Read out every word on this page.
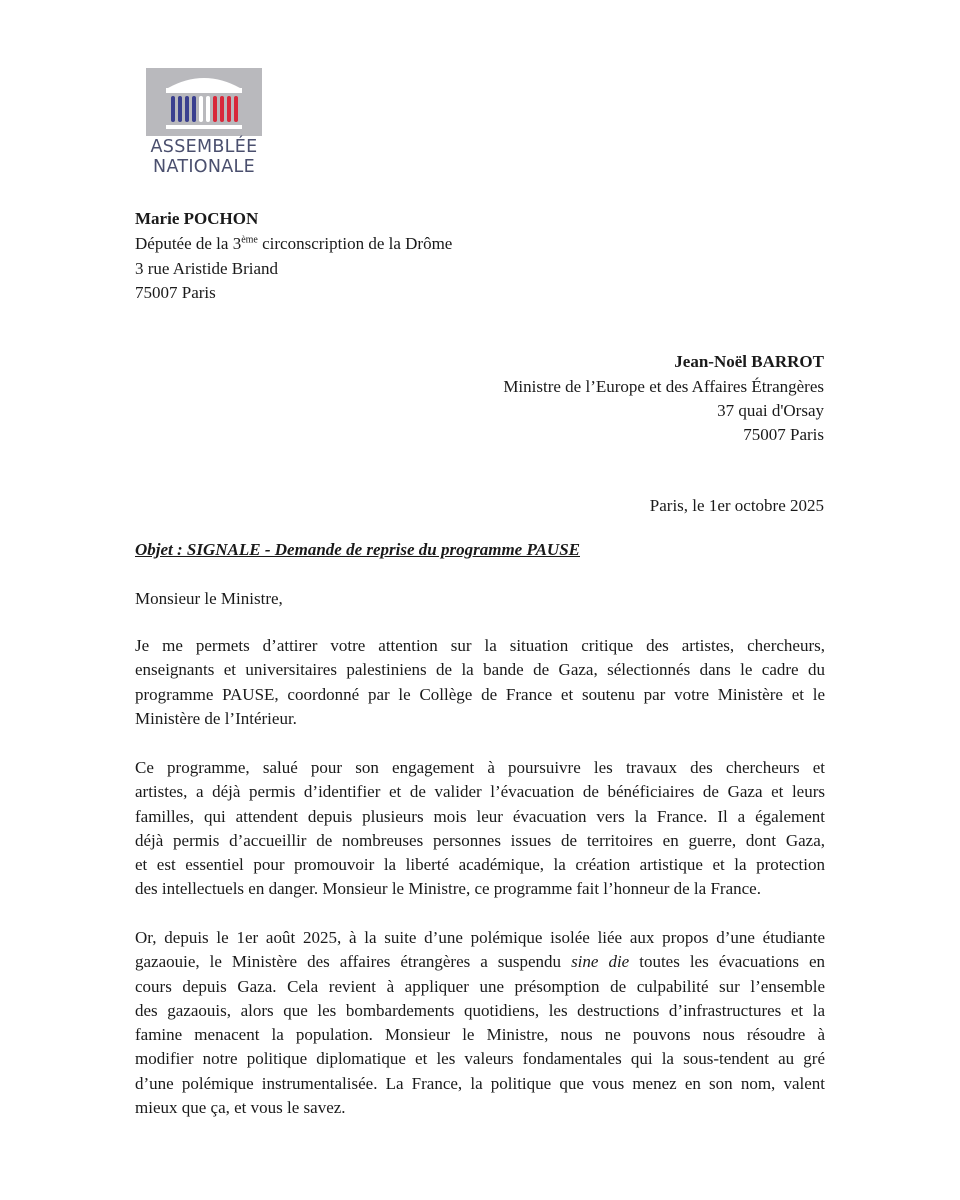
ASSEMBLÉE
NATIONALE
Marie POCHON
Députée de la 3ème circonscription de la Drôme
3 rue Aristide Briand
75007 Paris
Jean-Noël BARROT
Ministre de l’Europe et des Affaires Étrangères
37 quai d'Orsay
75007 Paris
Paris, le 1er octobre 2025
Objet : SIGNALE - Demande de reprise du programme PAUSE
Monsieur le Ministre,
Je me permets d’attirer votre attention sur la situation critique des artistes, chercheurs,
enseignants et universitaires palestiniens de la bande de Gaza, sélectionnés dans le cadre du
programme PAUSE, coordonné par le Collège de France et soutenu par votre Ministère et le
Ministère de l’Intérieur.
Ce programme, salué pour son engagement à poursuivre les travaux des chercheurs et
artistes, a déjà permis d’identifier et de valider l’évacuation de bénéficiaires de Gaza et leurs
familles, qui attendent depuis plusieurs mois leur évacuation vers la France. Il a également
déjà permis d’accueillir de nombreuses personnes issues de territoires en guerre, dont Gaza,
et est essentiel pour promouvoir la liberté académique, la création artistique et la protection
des intellectuels en danger. Monsieur le Ministre, ce programme fait l’honneur de la France.
Or, depuis le 1er août 2025, à la suite d’une polémique isolée liée aux propos d’une étudiante
gazaouie, le Ministère des affaires étrangères a suspendu sine die toutes les évacuations en
cours depuis Gaza. Cela revient à appliquer une présomption de culpabilité sur l’ensemble
des gazaouis, alors que les bombardements quotidiens, les destructions d’infrastructures et la
famine menacent la population. Monsieur le Ministre, nous ne pouvons nous résoudre à
modifier notre politique diplomatique et les valeurs fondamentales qui la sous-tendent au gré
d’une polémique instrumentalisée. La France, la politique que vous menez en son nom, valent
mieux que ça, et vous le savez.
